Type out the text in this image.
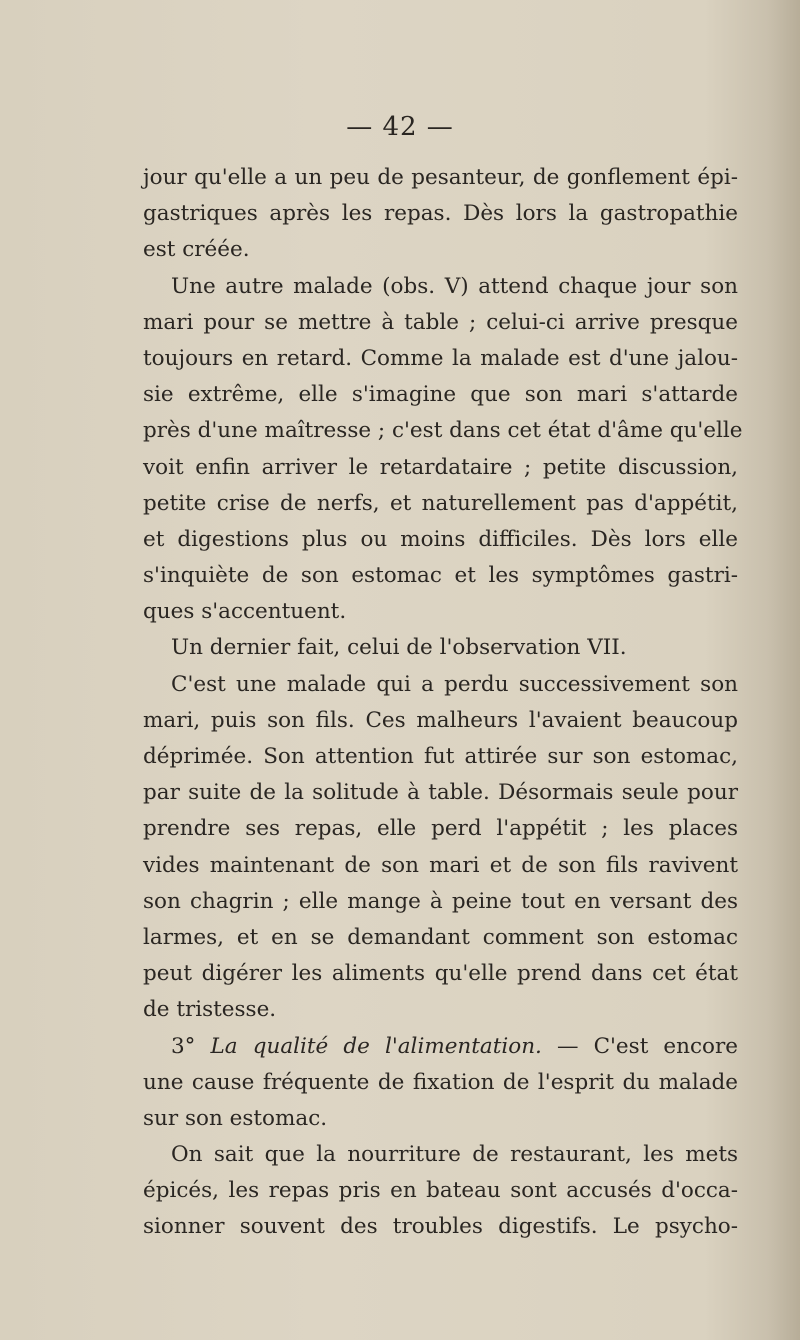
— 42 —
jour qu'elle a un peu de pesanteur, de gonflement épi-
gastriques après les repas. Dès lors la gastropathie
est créée.
Une autre malade (obs. V) attend chaque jour son
mari pour se mettre à table ; celui-ci arrive presque
toujours en retard. Comme la malade est d'une jalou-
sie extrême, elle s'imagine que son mari s'attarde
près d'une maîtresse ; c'est dans cet état d'âme qu'elle
voit enfin arriver le retardataire ; petite discussion,
petite crise de nerfs, et naturellement pas d'appétit,
et digestions plus ou moins difficiles. Dès lors elle
s'inquiète de son estomac et les symptômes gastri-
ques s'accentuent.
Un dernier fait, celui de l'observation VII.
C'est une malade qui a perdu successivement son
mari, puis son fils. Ces malheurs l'avaient beaucoup
déprimée. Son attention fut attirée sur son estomac,
par suite de la solitude à table. Désormais seule pour
prendre ses repas, elle perd l'appétit ; les places
vides maintenant de son mari et de son fils ravivent
son chagrin ; elle mange à peine tout en versant des
larmes, et en se demandant comment son estomac
peut digérer les aliments qu'elle prend dans cet état
de tristesse.
3° La qualité de l'alimentation. — C'est encore
une cause fréquente de fixation de l'esprit du malade
sur son estomac.
On sait que la nourriture de restaurant, les mets
épicés, les repas pris en bateau sont accusés d'occa-
sionner souvent des troubles digestifs. Le psycho-
